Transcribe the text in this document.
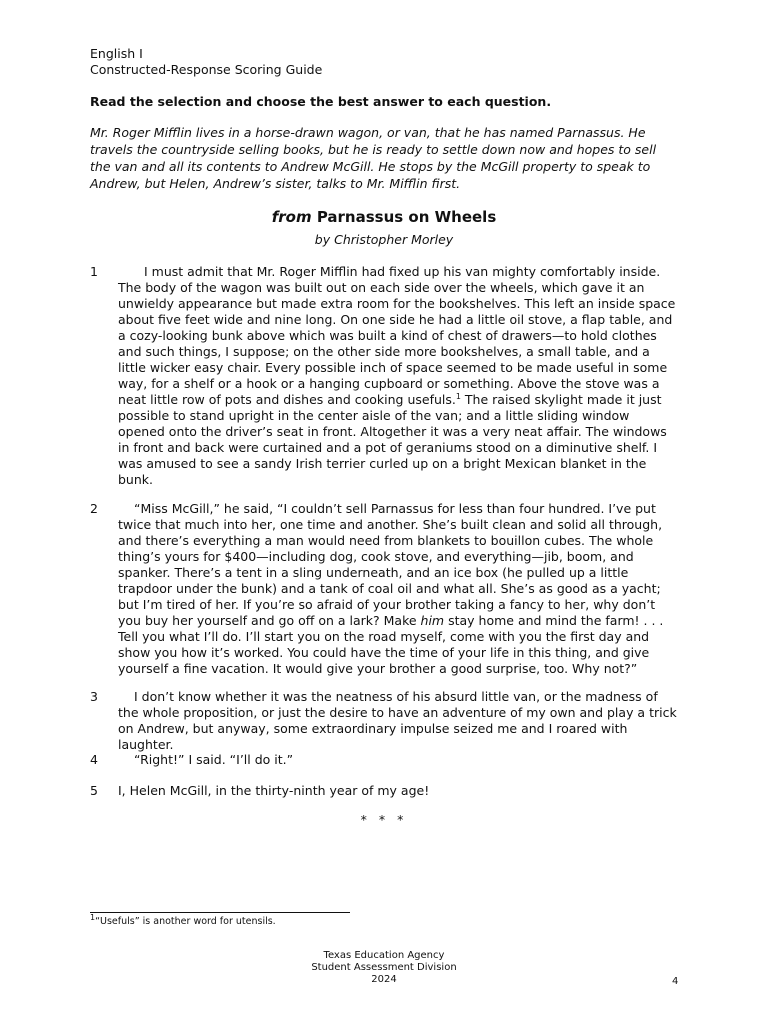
English I
Constructed-Response Scoring Guide
Read the selection and choose the best answer to each question.
Mr. Roger Mifflin lives in a horse-drawn wagon, or van, that he has named Parnassus. He travels the countryside selling books, but he is ready to settle down now and hopes to sell the van and all its contents to Andrew McGill. He stops by the McGill property to speak to Andrew, but Helen, Andrew’s sister, talks to Mr. Mifflin first.
from Parnassus on Wheels
by Christopher Morley
1	I must admit that Mr. Roger Mifflin had fixed up his van mighty comfortably inside. The body of the wagon was built out on each side over the wheels, which gave it an unwieldy appearance but made extra room for the bookshelves. This left an inside space about five feet wide and nine long. On one side he had a little oil stove, a flap table, and a cozy-looking bunk above which was built a kind of chest of drawers—to hold clothes and such things, I suppose; on the other side more bookshelves, a small table, and a little wicker easy chair. Every possible inch of space seemed to be made useful in some way, for a shelf or a hook or a hanging cupboard or something. Above the stove was a neat little row of pots and dishes and cooking usefuls.$^1$ The raised skylight made it just possible to stand upright in the center aisle of the van; and a little sliding window opened onto the driver’s seat in front. Altogether it was a very neat affair. The windows in front and back were curtained and a pot of geraniums stood on a diminutive shelf. I was amused to see a sandy Irish terrier curled up on a bright Mexican blanket in the bunk.
2	“Miss McGill,” he said, “I couldn’t sell Parnassus for less than four hundred. I’ve put twice that much into her, one time and another. She’s built clean and solid all through, and there’s everything a man would need from blankets to bouillon cubes. The whole thing’s yours for $400—including dog, cook stove, and everything—jib, boom, and spanker. There’s a tent in a sling underneath, and an ice box (he pulled up a little trapdoor under the bunk) and a tank of coal oil and what all. She’s as good as a yacht; but I’m tired of her. If you’re so afraid of your brother taking a fancy to her, why don’t you buy her yourself and go off on a lark? Make him stay home and mind the farm! . . . Tell you what I’ll do. I’ll start you on the road myself, come with you the first day and show you how it’s worked. You could have the time of your life in this thing, and give yourself a fine vacation. It would give your brother a good surprise, too. Why not?”
3	I don’t know whether it was the neatness of his absurd little van, or the madness of the whole proposition, or just the desire to have an adventure of my own and play a trick on Andrew, but anyway, some extraordinary impulse seized me and I roared with laughter.
4	“Right!” I said. “I’ll do it.”
5	I, Helen McGill, in the thirty-ninth year of my age!
* * *
$^1$“Usefuls” is another word for utensils.
Texas Education Agency
Student Assessment Division
2024	4
